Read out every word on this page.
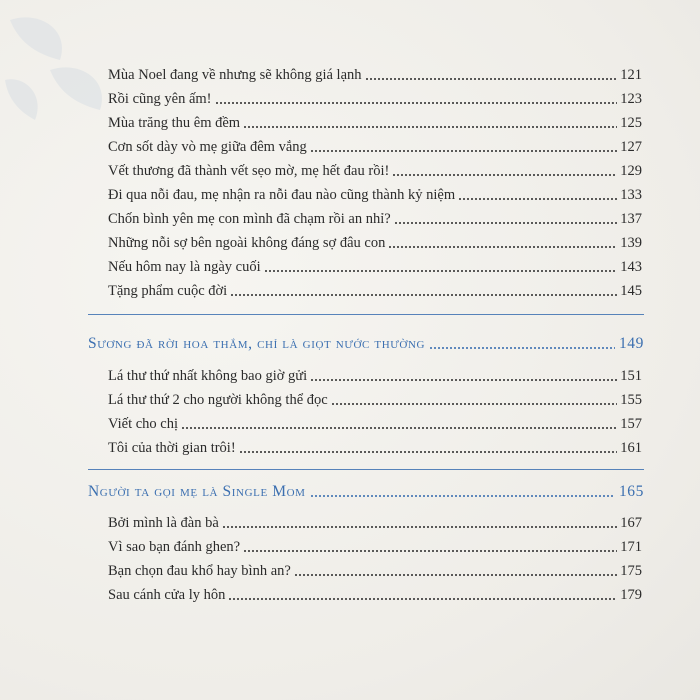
Mùa Noel đang về nhưng sẽ không giá lạnh	121
Rồi cũng yên ấm!	123
Mùa trăng thu êm đềm	125
Cơn sốt dày vò mẹ giữa đêm vắng	127
Vết thương đã thành vết sẹo mờ, mẹ hết đau rồi!	129
Đi qua nỗi đau, mẹ nhận ra nỗi đau nào cũng thành kỷ niệm	133
Chốn bình yên mẹ con mình đã chạm rồi an nhỉ?	137
Những nỗi sợ bên ngoài không đáng sợ đâu con	139
Nếu hôm nay là ngày cuối	143
Tặng phẩm cuộc đời	145
Sương đã rời hoa thắm, chỉ là giọt nước thường	149
Lá thư thứ nhất không bao giờ gửi	151
Lá thư thứ 2 cho người không thể đọc	155
Viết cho chị	157
Tôi của thời gian trôi!	161
Người ta gọi mẹ là Single Mom	165
Bởi mình là đàn bà	167
Vì sao bạn đánh ghen?	171
Bạn chọn đau khổ hay bình an?	175
Sau cánh cửa ly hôn	179
